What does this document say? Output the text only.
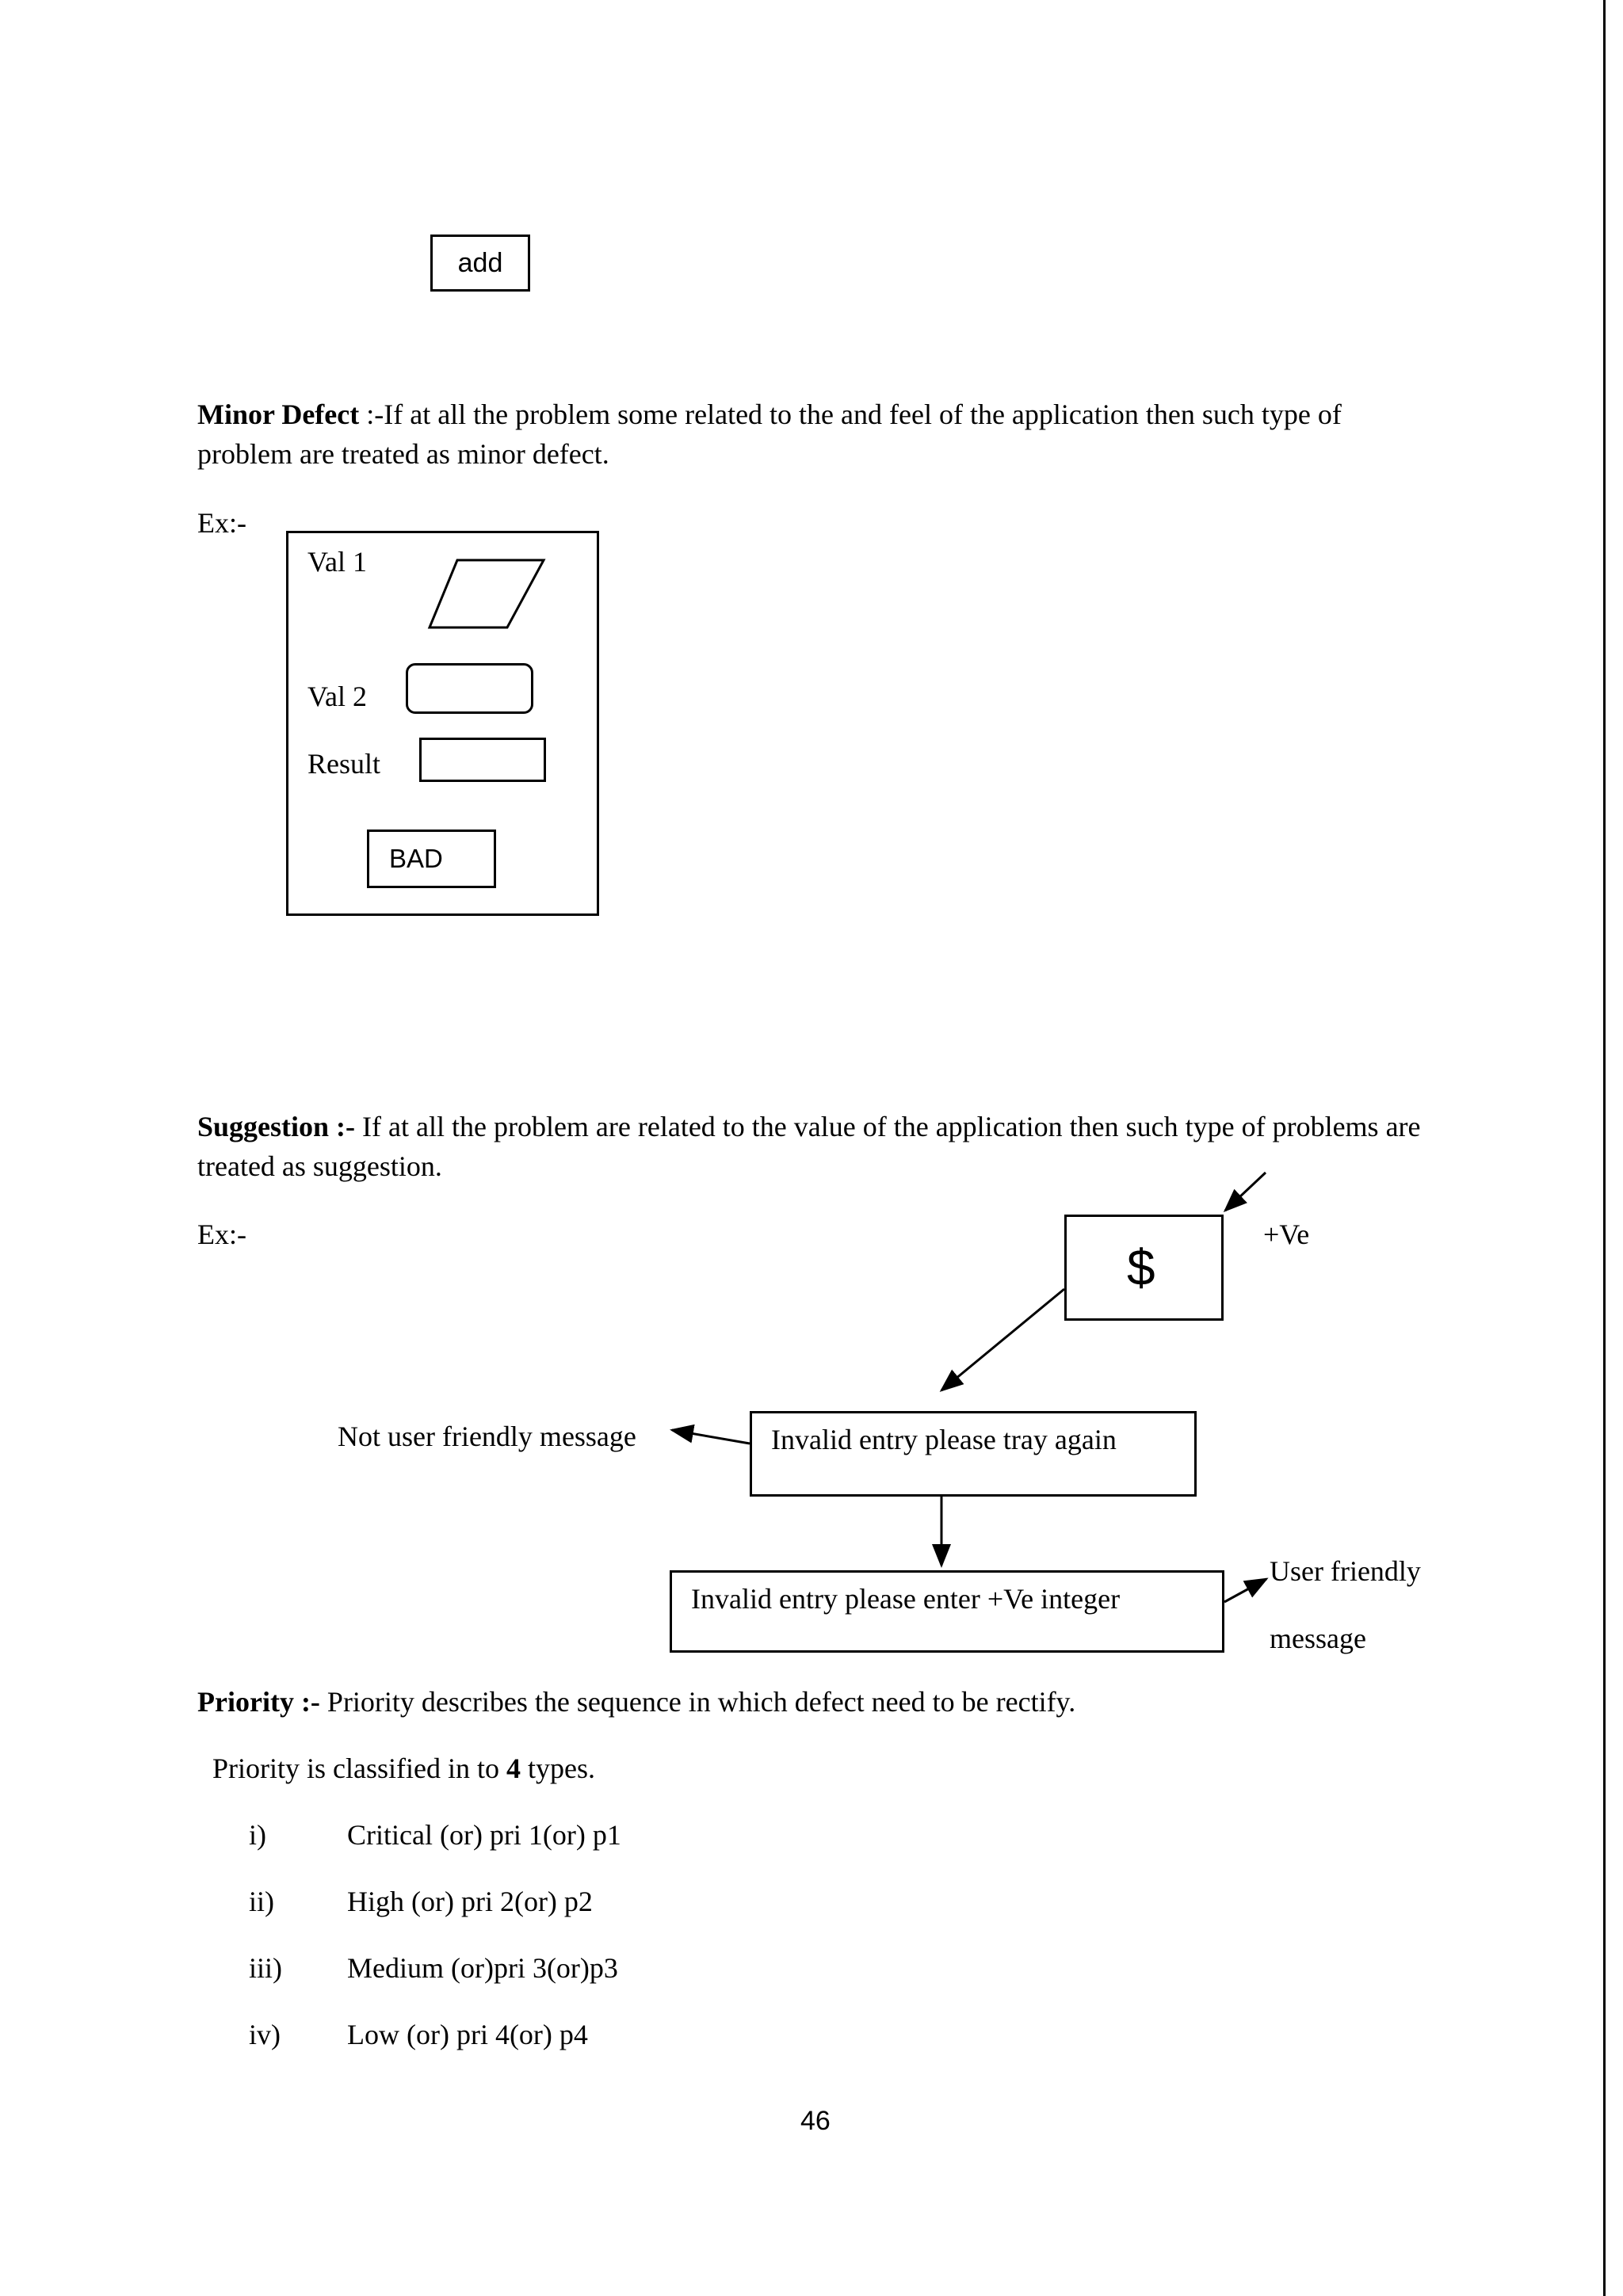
add
Minor Defect :-If at all the problem some related to the and feel of the application then such type of problem are treated as minor defect.
Ex:-
Val 1
Val 2
Result
BAD
Suggestion :- If at all the problem are related to the value of the application then such type of problems are treated as suggestion.
Ex:-
$
+Ve
Not user friendly message	Invalid entry please tray again
Invalid entry please enter +Ve integer
User friendly
message
Priority :- Priority describes the sequence in which defect need to be rectify.
Priority is classified in to 4 types.
i)	Critical (or) pri 1(or) p1
ii)	High (or) pri 2(or) p2
iii) Medium (or)pri 3(or)p3
iv) Low (or) pri 4(or) p4
46
